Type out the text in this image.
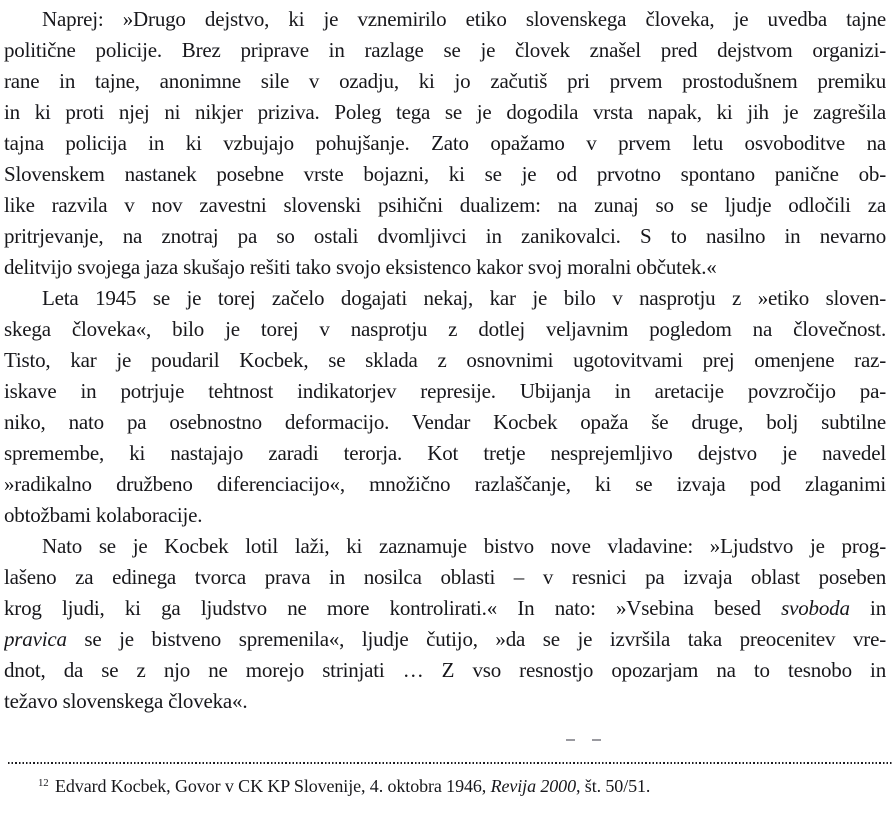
Naprej: »Drugo dejstvo, ki je vznemirilo etiko slovenskega človeka, je uvedba tajne
politične policije. Brez priprave in razlage se je človek znašel pred dejstvom organizi-
rane in tajne, anonimne sile v ozadju, ki jo začutiš pri prvem prostodušnem premiku
in ki proti njej ni nikjer priziva. Poleg tega se je dogodila vrsta napak, ki jih je zagrešila
tajna policija in ki vzbujajo pohujšanje. Zato opažamo v prvem letu osvoboditve na
Slovenskem nastanek posebne vrste bojazni, ki se je od prvotno spontano panične ob-
like razvila v nov zavestni slovenski psihični dualizem: na zunaj so se ljudje odločili za
pritrjevanje, na znotraj pa so ostali dvomljivci in zanikovalci. S to nasilno in nevarno
delitvijo svojega jaza skušajo rešiti tako svojo eksistenco kakor svoj moralni občutek.«
Leta 1945 se je torej začelo dogajati nekaj, kar je bilo v nasprotju z »etiko sloven-
skega človeka«, bilo je torej v nasprotju z dotlej veljavnim pogledom na človečnost.
Tisto, kar je poudaril Kocbek, se sklada z osnovnimi ugotovitvami prej omenjene raz-
iskave in potrjuje tehtnost indikatorjev represije. Ubijanja in aretacije povzročijo pa-
niko, nato pa osebnostno deformacijo. Vendar Kocbek opaža še druge, bolj subtilne
spremembe, ki nastajajo zaradi terorja. Kot tretje nesprejemljivo dejstvo je navedel
»radikalno družbeno diferenciacijo«, množično razlaščanje, ki se izvaja pod zlaganimi
obtožbami kolaboracije.
Nato se je Kocbek lotil laži, ki zaznamuje bistvo nove vladavine: »Ljudstvo je prog-
lašeno za edinega tvorca prava in nosilca oblasti – v resnici pa izvaja oblast poseben
krog ljudi, ki ga ljudstvo ne more kontrolirati.« In nato: »Vsebina besed svoboda in
pravica se je bistveno spremenila«, ljudje čutijo, »da se je izvršila taka preocenitev vre-
dnot, da se z njo ne morejo strinjati … Z vso resnostjo opozarjam na to tesnobo in
težavo slovenskega človeka«.
$^{12}$ Edvard Kocbek, Govor v CK KP Slovenije, 4. oktobra 1946, Revija 2000, št. 50/51.
